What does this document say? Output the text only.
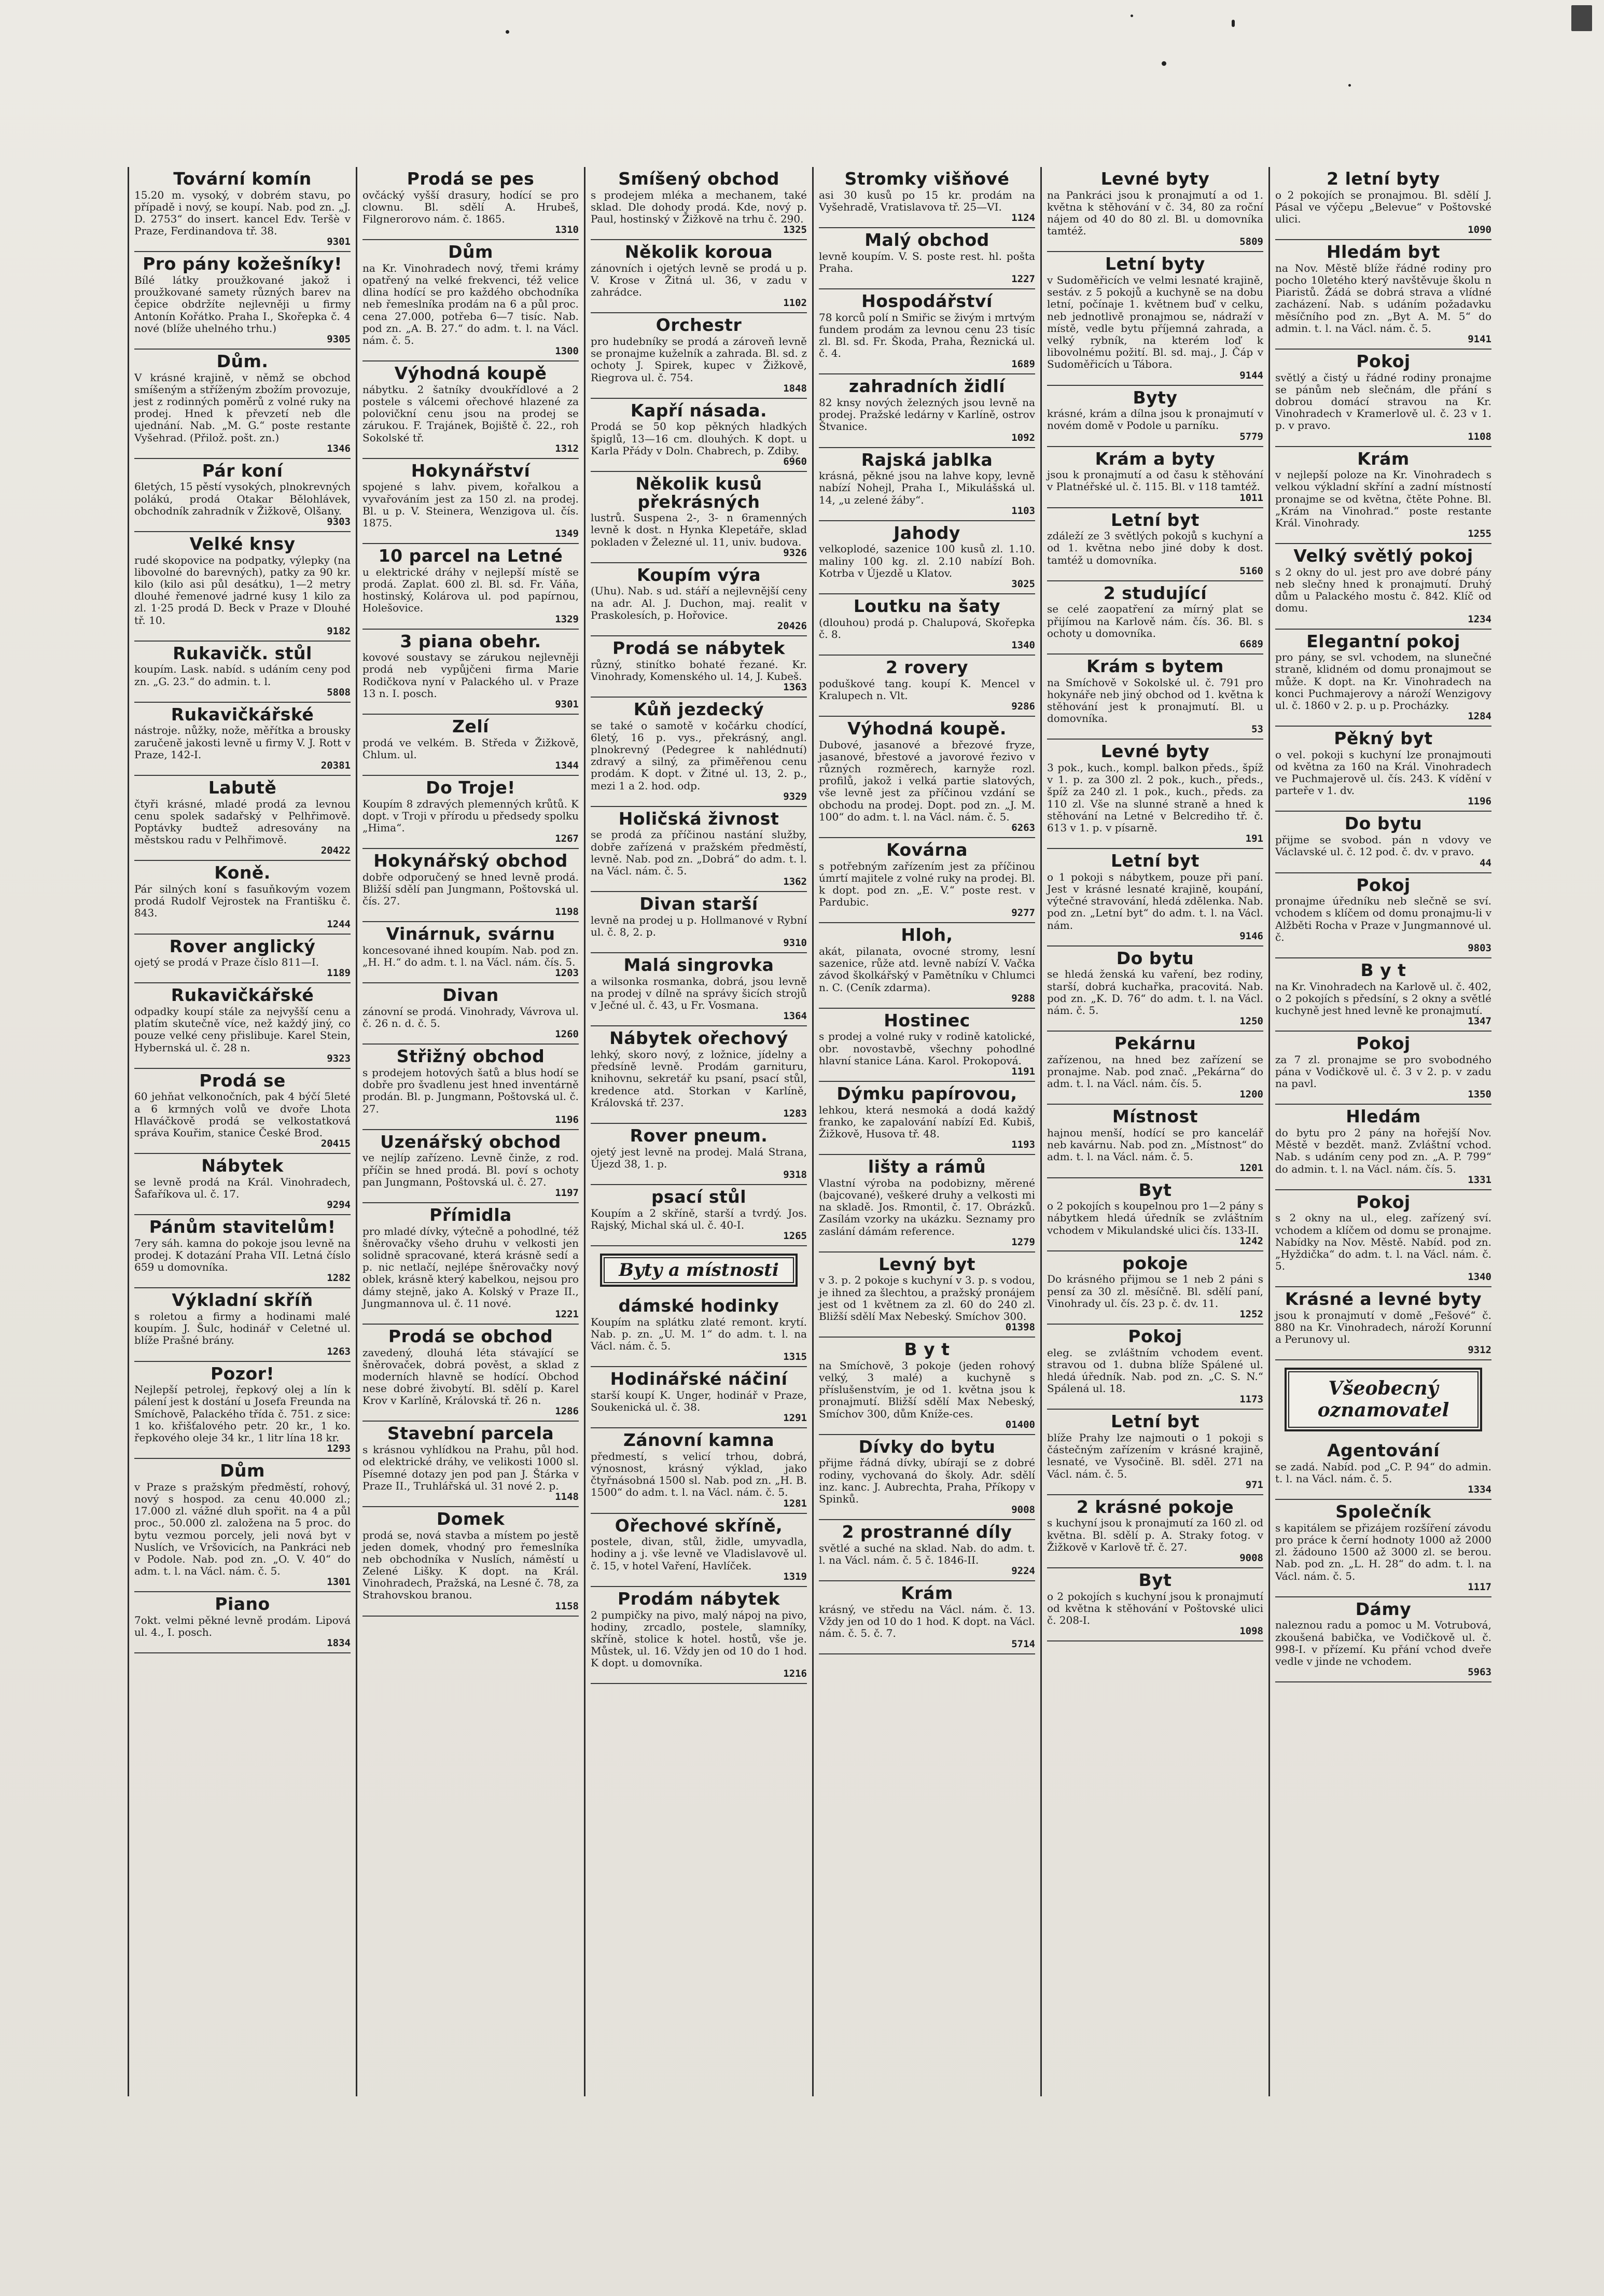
Tovární komín

15.20 m. vysoký, v dobrém stavu, po případě i nový, se koupí. Nab. pod zn. „J. D. 2753“ do insert. kancel Edv. Teršè v Praze, Ferdinandova tř. 38.

9301
Pro pány kožešníky!

Bílé látky proužkované jakož i proužkované samety různých barev na čepice obdržíte nejlevněji u firmy Antonín Kořátko. Praha I., Skořepka č. 4 nové (blíže uhelného trhu.)

9305
Dům.

V krásné krajině, v němž se obchod smíšeným a stříženým zbožím provozuje, jest z rodinných poměrů z volné ruky na prodej. Hned k převzetí neb dle ujednání. Nab. „M. G.“ poste restante Vyšehrad. (Přilož. pošt. zn.)

1346
Pár koní

6letých, 15 pěstí vysokých, plnokrevných polákú, prodá Otakar Bělohlávek, obchodník zahradník v Žižkově, Olšany.

9303
Velké knsy

rudé skopovice na podpatky, výlepky (na libovolné do barevných), patky za 90 kr. kilo (kilo asi půl desátku), 1—2 metry dlouhé řemenové jadrné kusy 1 kilo za zl. 1·25 prodá D. Beck v Praze v Dlouhé tř. 10.

9182
Rukavičk. stůl

koupím. Lask. nabíd. s udáním ceny pod zn. „G. 23.“ do admin. t. l.

5808
Rukavičkářské

nástroje. nůžky, nože, měřítka a brousky zaručeně jakosti levně u firmy V. J. Rott v Praze, 142-I.

20381
Labutě

čtyři krásné, mladé prodá za levnou cenu spolek sadařský v Pelhřimově. Poptávky budtež adresovány na městskou radu v Pelhřimově.

20422
Koně.

Pár silných koní s fasuňkovým vozem prodá Rudolf Vejrostek na Františku č. 843.

1244
Rover anglický

ojetý se prodá v Praze číslo 811—I.

1189
Rukavičkářské

odpadky koupí stále za nejvyšší cenu a platím skutečně více, než každý jiný, co pouze velké ceny přislibuje. Karel Stein, Hybernská ul. č. 28 n.

9323
Prodá se

60 jehňat velkonočních, pak 4 býčí 5leté a 6 krmných volů ve dvoře Lhota Hlaváčkově prodá se velkostatková správa Kouřim, stanice České Brod.

20415
Nábytek

se levně prodá na Král. Vinohradech, Šafaříkova ul. č. 17.

9294
Pánům stavitelům!

7ery sáh. kamna do pokoje jsou levně na prodej. K dotazání Praha VII. Letná číslo 659 u domovníka.

1282
Výkladní skříň

s roletou a firmy a hodinami malé koupím. J. Šulc, hodinář v Celetné ul. blíže Prašné brány.

1263
Pozor!

Nejlepší petrolej, řepkový olej a lín k pálení jest k dostání u Josefa Freunda na Smíchově, Palackého třída č. 751. z sice: 1 ko. křišťalového petr. 20 kr., 1 ko. řepkového oleje 34 kr., 1 litr lína 18 kr.

1293
Dům

v Praze s pražským předměstí, rohový, nový s hospod. za cenu 40.000 zl.; 17.000 zl. vážné dluh spořit. na 4 a půl proc., 50.000 zl. založena na 5 proc. do bytu vezmou porcely, jeli nová byt v Nuslích, ve Vršovicích, na Pankráci neb v Podole. Nab. pod zn. „O. V. 40“ do adm. t. l. na Václ. nám. č. 5.

1301
Piano

7okt. velmi pěkné levně prodám. Lipová ul. 4., I. posch.

1834
Prodá se pes

ovčácký vyšší drasury, hodící se pro clownu. Bl. sdělí A. Hrubeš, Filgnerorovo nám. č. 1865.

1310
Dům

na Kr. Vinohradech nový, třemi krámy opatřený na velké frekvenci, též velice dlina hodící se pro každého obchodníka neb řemeslníka prodám na 6 a půl proc. cena 27.000, potřeba 6—7 tisíc. Nab. pod zn. „A. B. 27.“ do adm. t. l. na Václ. nám. č. 5.

1300
Výhodná koupě

nábytku. 2 šatníky dvoukřídlové a 2 postele s válcemi ořechové hlazené za polovičkní cenu jsou na prodej se zárukou. F. Trajánek, Bojiště č. 22., roh Sokolské tř.

1312
Hokynářství

spojené s lahv. pivem, kořalkou a vyvařováním jest za 150 zl. na prodej. Bl. u p. V. Steinera, Wenzigova ul. čís. 1875.

1349
10 parcel na Letné

u elektrické dráhy v nejlepší místě se prodá. Zaplat. 600 zl. Bl. sd. Fr. Váňa, hostinský, Kolárova ul. pod papírnou, Holešovice.

1329
3 piana obehr.

kovové soustavy se zárukou nejlevněji prodá neb vypůjčeni firma Marie Rodičkova nyní v Palackého ul. v Praze 13 n. I. posch.

9301
Zelí

prodá ve velkém. B. Středa v Žižkově, Chlum. ul.

1344
Do Troje!

Koupím 8 zdravých plemenných krůtů. K dopt. v Troji v přírodu u předsedy spolku „Hima“.

1267
Hokynářský obchod

dobře odporučený se hned levně prodá. Bližší sdělí pan Jungmann, Poštovská ul. čís. 27.

1198
Vinárnuk, svárnu

koncesované ihned koupím. Nab. pod zn. „H. H.“ do adm. t. l. na Václ. nám. čís. 5.

1203
Divan

zánovní se prodá. Vinohrady, Vávrova ul. č. 26 n. d. č. 5.

1260
Střižný obchod

s prodejem hotových šatů a blus hodí se dobře pro švadlenu jest hned inventárně prodán. Bl. p. Jungmann, Poštovská ul. č. 27.

1196
Uzenářský obchod

ve nejlíp zařízeno. Levně činže, z rod. příčin se hned prodá. Bl. poví s ochoty pan Jungmann, Poštovská ul. č. 27.

1197
Přímidla

pro mladé dívky, výtečně a pohodlné, též šněrovačky všeho druhu v velkosti jen solidně spracované, která krásně sedí a p. nic netlačí, nejlépe šněrovačky nový oblek, krásně který kabelkou, nejsou pro dámy stejně, jako A. Kolský v Praze II., Jungmannova ul. č. 11 nové.

1221
Prodá se obchod

zavedený, dlouhá léta stávající se šněrovaček, dobrá pověst, a sklad z moderních hlavně se hodící. Obchod nese dobré živobytí. Bl. sdělí p. Karel Krov v Karlíně, Královská tř. 26 n.

1286
Stavební parcela

s krásnou vyhlídkou na Prahu, půl hod. od elektrické dráhy, ve velikosti 1000 sl. Písemné dotazy jen pod pan J. Štárka v Praze II., Truhlářská ul. 31 nové 2. p.

1148
Domek

prodá se, nová stavba a místem po jestě jeden domek, vhodný pro řemeslníka neb obchodníka v Nuslích, náměstí u Zelené Lišky. K dopt. na Král. Vinohradech, Pražská, na Lesné č. 78, za Strahovskou branou.

1158
Smíšený obchod

s prodejem mléka a mechanem, také sklad. Dle dohody prodá. Kde, nový p. Paul, hostinský v Žižkově na trhu č. 290.

1325
Několik koroua

zánovních i ojetých levně se prodá u p. V. Krose v Žitná ul. 36, v zadu v zahrádce.

1102
Orchestr

pro hudebníky se prodá a zároveň levně se pronajme kuželník a zahrada. Bl. sd. z ochoty J. Spirek, kupec v Žižkově, Riegrova ul. č. 754.

1848
Kapří násada.

Prodá se 50 kop pěkných hladkých špiglů, 13—16 cm. dlouhých. K dopt. u Karla Přády v Doln. Chabrech, p. Zdiby.

6960
Několik kusů překrásných

lustrů. Suspena 2-, 3- n 6ramenných levně k dost. n Hynka Klepetáře, sklad pokladen v Železné ul. 11, univ. budova.

9326
Koupím výra

(Uhu). Nab. s ud. stáří a nejlevnější ceny na adr. Al. J. Duchon, maj. realit v Praskolesích, p. Hořovice.

20426
Prodá se nábytek

různý, stinítko bohaté řezané. Kr. Vinohrady, Komenského ul. 14, J. Kubeš.

1363
Kůň jezdecký

se také o samotě v kočárku chodící, 6letý, 16 p. vys., překrásný, angl. plnokrevný (Pedegree k nahlédnutí) zdravý a silný, za přiměřenou cenu prodám. K dopt. v Žitné ul. 13, 2. p., mezi 1 a 2. hod. odp.

9329
Holičská živnost

se prodá za příčinou nastání služby, dobře zařízená v pražském předměstí, levně. Nab. pod zn. „Dobrá“ do adm. t. l. na Václ. nám. č. 5.

1362
Divan starší

levně na prodej u p. Hollmanové v Rybní ul. č. 8, 2. p.

9310
Malá singrovka

a wilsonka rosmanka, dobrá, jsou levně na prodej v dílně na správy šicích strojů v Ječné ul. č. 43, u Fr. Vosmana.

1364
Nábytek ořechový

lehký, skoro nový, z ložnice, jídelny a předsíně levně. Prodám garnituru, knihovnu, sekretář ku psaní, psací stůl, kredence atd. Storkan v Karlíně, Královská tř. 237.

1283
Rover pneum.

ojetý jest levně na prodej. Malá Strana, Újezd 38, 1. p.

9318
psací stůl

Koupím a 2 skříně, starší a tvrdý. Jos. Rajský, Michal ská ul. č. 40-I.

1265
Byty a místnosti
dámské hodinky

Koupím na splátku zlaté remont. krytí. Nab. p. zn. „U. M. 1“ do adm. t. l. na Václ. nám. č. 5.

1315
Hodinářské náčiní

starší koupí K. Unger, hodinář v Praze, Soukenická ul. č. 38.

1291
Zánovní kamna

předmestí, s velicí trhou, dobrá, výnosnost, krásný výklad, jako čtyřnásobná 1500 sl. Nab. pod zn. „H. B. 1500“ do adm. t. l. na Václ. nám. č. 5.

1281
Ořechové skříně,

postele, divan, stůl, židle, umyvadla, hodiny a j. vše levně ve Vladislavově ul. č. 15, v hotel Vaření, Havlíček.

1319
Prodám nábytek

2 pumpičky na pivo, malý nápoj na pivo, hodiny, zrcadlo, postele, slamníky, skříně, stolice k hotel. hostů, vše je. Můstek, ul. 16. Vždy jen od 10 do 1 hod. K dopt. u domovníka.

1216
Stromky višňové

asi 30 kusů po 15 kr. prodám na Vyšehradě, Vratislavova tř. 25—VI.

1124
Malý obchod

levně koupím. V. S. poste rest. hl. pošta Praha.

1227
Hospodářství

78 korců polí n Smiřic se živým i mrtvým fundem prodám za levnou cenu 23 tisíc zl. Bl. sd. Fr. Škoda, Praha, Řeznická ul. č. 4.

1689
zahradních židlí

82 knsy nových železných jsou levně na prodej. Pražské ledárny v Karlíně, ostrov Štvanice.

1092
Rajská jablka

krásná, pěkné jsou na lahve kopy, levně nabízí Nohejl, Praha I., Mikulášská ul. 14, „u zelené žáby“.

1103
Jahody

velkoplodé, sazenice 100 kusů zl. 1.10. maliny 100 kg. zl. 2.10 nabízí Boh. Kotrba v Újezdě u Klatov.

3025
Loutku na šaty

(dlouhou) prodá p. Chalupová, Skořepka č. 8.

1340
2 rovery

poduškové tang. koupí K. Mencel v Kralupech n. Vlt.

9286
Výhodná koupě.

Dubové, jasanové a březové fryze, jasanové, břestové a javorové řezivo v různých rozměrech, karnyže rozl. profilů, jakož i velká partie slatových, vše levně jest za příčinou vzdání se obchodu na prodej. Dopt. pod zn. „J. M. 100“ do adm. t. l. na Václ. nám. č. 5.

6263
Kovárna

s potřebným zařízením jest za příčinou úmrtí majitele z volné ruky na prodej. Bl. k dopt. pod zn. „E. V.“ poste rest. v Pardubic.

9277
Hloh,

akát, pilanata, ovocné stromy, lesní sazenice, růže atd. levně nabízí V. Vačka závod školkářský v Pamětníku v Chlumci n. C. (Ceník zdarma).

9288
Hostinec

s prodej a volné ruky v rodině katolické, obr. novostavbě, všechny pohodlné hlavní stanice Lána. Karol. Prokopová.

1191
Dýmku papírovou,

lehkou, která nesmoká a dodá každý franko, ke zapalování nabízí Ed. Kubiš, Žižkově, Husova tř. 48.

1193
lišty a rámů

Vlastní výroba na podobizny, měrené (bajcované), veškeré druhy a velkosti mi na skladě. Jos. Rmontil, č. 17. Obrázků. Zasílám vzorky na ukázku. Seznamy pro zaslání dámám reference.

1279
Levný byt

v 3. p. 2 pokoje s kuchyní v 3. p. s vodou, je ihned za šlechtou, a pražský pronájem jest od 1 květnem za zl. 60 do 240 zl. Bližší sdělí Max Nebeský. Smíchov 300.

01398
B y t

na Smíchově, 3 pokoje (jeden rohový velký, 3 malé) a kuchyně s příslušenstvím, je od 1. května jsou k pronajmutí. Bližší sdělí Max Nebeský, Smíchov 300, dům Kníže-ces.

01400
Dívky do bytu

přijme řádná dívky, ubírají se z dobré rodiny, vychovaná do školy. Adr. sdělí inz. kanc. J. Aubrechta, Praha, Příkopy v Spinků.

9008
2 prostranné díly

světlé a suché na sklad. Nab. do adm. t. l. na Václ. nám. č. 5 č. 1846-II.

9224
Krám

krásný, ve středu na Václ. nám. č. 13. Vždy jen od 10 do 1 hod. K dopt. na Václ. nám. č. 5. č. 7.

5714
Levné byty

na Pankráci jsou k pronajmutí a od 1. května k stěhování v č. 34, 80 za roční nájem od 40 do 80 zl. Bl. u domovníka tamtéž.

5809
Letní byty

v Sudoměřicích ve velmi lesnaté krajině, sestáv. z 5 pokojů a kuchyně se na dobu letní, počínaje 1. květnem buď v celku, neb jednotlivě pronajmou se, nádraží v místě, vedle bytu příjemná zahrada, a velký rybník, na kterém loď k libovolnému požití. Bl. sd. maj., J. Čáp v Sudoměřicích u Tábora.

9144
Byty

krásné, krám a dílna jsou k pronajmutí v novém domě v Podole u parníku.

5779
Krám a byty

jsou k pronajmutí a od času k stěhování v Platnéřské ul. č. 115. Bl. v 118 tamtéž.

1011
Letní byt

zdáleží ze 3 světlých pokojů s kuchyní a od 1. května nebo jiné doby k dost. tamtéž u domovníka.

5160
2 studující

se celé zaopatření za mírný plat se přijímou na Karlově nám. čís. 36. Bl. s ochoty u domovníka.

6689
Krám s bytem

na Smíchově v Sokolské ul. č. 791 pro hokynáře neb jiný obchod od 1. května k stěhování jest k pronajmutí. Bl. u domovníka.

53
Levné byty

3 pok., kuch., kompl. balkon předs., špíž v 1. p. za 300 zl. 2 pok., kuch., předs., špíž za 240 zl. 1 pok., kuch., předs. za 110 zl. Vše na slunné straně a hned k stěhování na Letné v Belcrediho tř. č. 613 v 1. p. v písarně.

191
Letní byt

o 1 pokoji s nábytkem, pouze při paní. Jest v krásné lesnaté krajině, koupání, výtečné stravování, hledá zdělenka. Nab. pod zn. „Letní byt“ do adm. t. l. na Václ. nám.

9146
Do bytu

se hledá ženská ku vaření, bez rodiny, starší, dobrá kuchařka, pracovitá. Nab. pod zn. „K. D. 76“ do adm. t. l. na Václ. nám. č. 5.

1250
Pekárnu

zařízenou, na hned bez zařízení se pronajme. Nab. pod znač. „Pekárna“ do adm. t. l. na Václ. nám. čís. 5.

1200
Místnost

hajnou menší, hodící se pro kancelář neb kavárnu. Nab. pod zn. „Místnost“ do adm. t. l. na Václ. nám. č. 5.

1201
Byt

o 2 pokojích s koupelnou pro 1—2 pány s nábytkem hledá úředník se zvláštním vchodem v Mikulandské ulici čís. 133-II.

1242
pokoje

Do krásného přijmou se 1 neb 2 páni s pensí za 30 zl. měsíčně. Bl. sdělí paní, Vinohrady ul. čís. 23 p. č. dv. 11.

1252
Pokoj

eleg. se zvláštním vchodem event. stravou od 1. dubna blíže Spálené ul. hledá úředník. Nab. pod zn. „C. S. N.“ Spálená ul. 18.

1173
Letní byt

blíže Prahy lze najmouti o 1 pokoji s částečným zařízením v krásné krajině, lesnaté, ve Vysočině. Bl. sděl. 271 na Václ. nám. č. 5.

971
2 krásné pokoje

s kuchyní jsou k pronajmutí za 160 zl. od května. Bl. sdělí p. A. Straky fotog. v Žižkově v Karlově tř. č. 27.

9008
Byt

o 2 pokojích s kuchyní jsou k pronajmutí od května k stěhování v Poštovské ulici č. 208-I.

1098
2 letní byty

o 2 pokojích se pronajmou. Bl. sdělí J. Pásal ve výčepu „Belevue“ v Poštovské ulici.

1090
Hledám byt

na Nov. Městě blíže řádné rodiny pro pocho 10letého který navštěvuje školu n Piaristů. Žádá se dobrá strava a vlídné zacházení. Nab. s udáním požadavku měsíčního pod zn. „Byt A. M. 5“ do admin. t. l. na Václ. nám. č. 5.

9141
Pokoj

světlý a čistý u řádné rodiny pronajme se pánům neb slečnám, dle přání s dobrou domácí stravou na Kr. Vinohradech v Kramerlově ul. č. 23 v 1. p. v pravo.

1108
Krám

v nejlepší poloze na Kr. Vinohradech s velkou výkladní skříní a zadní místností pronajme se od května, čtěte Pohne. Bl. „Krám na Vinohrad.“ poste restante Král. Vinohrady.

1255
Velký světlý pokoj

s 2 okny do ul. jest pro ave dobré pány neb slečny hned k pronajmutí. Druhý dům u Palackého mostu č. 842. Klíč od domu.

1234
Elegantní pokoj

pro pány, se svl. vchodem, na slunečné straně, klidném od domu pronajmout se může. K dopt. na Kr. Vinohradech na konci Puchmajerovy a nároží Wenzigovy ul. č. 1860 v 2. p. u p. Procházky.

1284
Pěkný byt

o vel. pokoji s kuchyní lze pronajmouti od května za 160 na Král. Vinohradech ve Puchmajerově ul. čís. 243. K vídění v parteře v 1. dv.

1196
Do bytu

přijme se svobod. pán n vdovy ve Václavské ul. č. 12 pod. č. dv. v pravo.

44
Pokoj

pronajme úředníku neb slečně se sví. vchodem s klíčem od domu pronajmu-li v Alžběti Rocha v Praze v Jungmannové ul. č.

9803
B y t

na Kr. Vinohradech na Karlově ul. č. 402, o 2 pokojích s předsíní, s 2 okny a světlé kuchyně jest hned levně ke pronajmutí.

1347
Pokoj

za 7 zl. pronajme se pro svobodného pána v Vodičkově ul. č. 3 v 2. p. v zadu na pavl.

1350
Hledám

do bytu pro 2 pány na hořejší Nov. Městě v bezdět. manž. Zvláštní vchod. Nab. s udáním ceny pod zn. „A. P. 799“ do admin. t. l. na Václ. nám. čís. 5.

1331
Pokoj

s 2 okny na ul., eleg. zařízený sví. vchodem a klíčem od domu se pronajme. Nabídky na Nov. Městě. Nabíd. pod zn. „Hyždička“ do adm. t. l. na Václ. nám. č. 5.

1340
Krásné a levné byty

jsou k pronajmutí v domě „Fešové“ č. 880 na Kr. Vinohradech, nároží Korunní a Perunovy ul.

9312
Všeobecný oznamovatel
Agentování

se zadá. Nabíd. pod „C. P. 94“ do admin. t. l. na Václ. nám. č. 5.

1334
Společník

s kapitálem se přizájem rozšíření závodu pro práce k černí hodnoty 1000 až 2000 zl. žádouno 1500 až 3000 zl. se berou. Nab. pod zn. „L. H. 28“ do adm. t. l. na Václ. nám. č. 5.

1117
Dámy

naleznou radu a pomoc u M. Votrubová, zkoušená babička, ve Vodičkově ul. č. 998-I. v přízemí. Ku přání vchod dveře vedle v jinde ne vchodem.

5963
